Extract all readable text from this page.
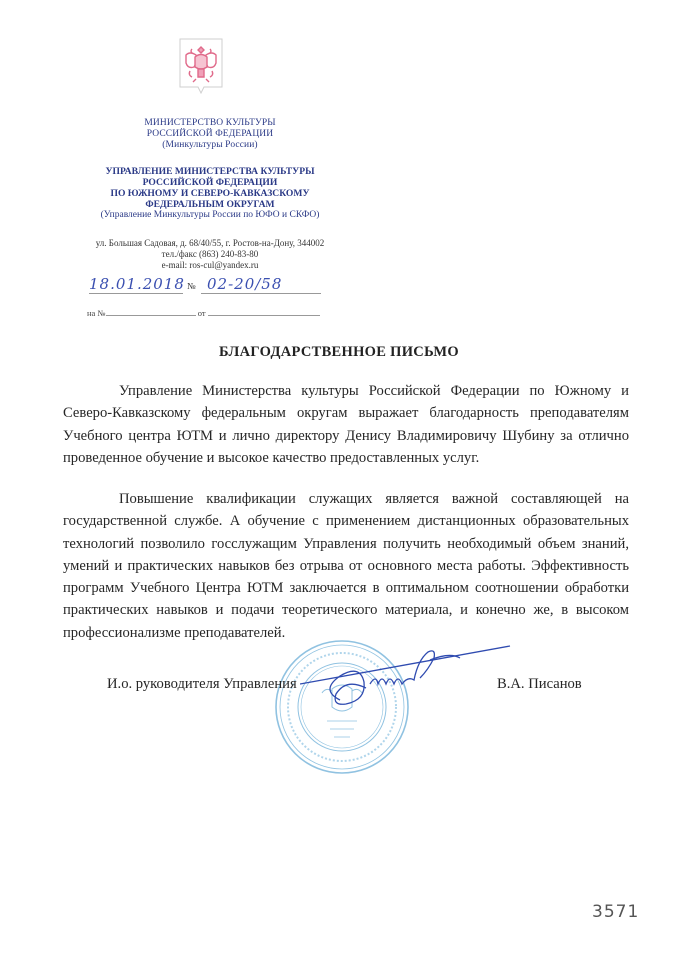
МИНИСТЕРСТВО КУЛЬТУРЫ
РОССИЙСКОЙ ФЕДЕРАЦИИ
(Минкультуры России)
УПРАВЛЕНИЕ МИНИСТЕРСТВА КУЛЬТУРЫ
РОССИЙСКОЙ ФЕДЕРАЦИИ
ПО ЮЖНОМУ И СЕВЕРО-КАВКАЗСКОМУ
ФЕДЕРАЛЬНЫМ ОКРУГАМ
(Управление Минкультуры России по ЮФО и СКФО)
ул. Большая Садовая, д. 68/40/55, г. Ростов-на-Дону, 344002
тел./факс (863) 240-83-80
e-mail: ros-cul@yandex.ru
18.01.2018 № 02-20/58
на №	от
БЛАГОДАРСТВЕННОЕ ПИСЬМО

Управление Министерства культуры Российской Федерации по Южному и Северо-Кавказскому федеральным округам выражает благодарность преподавателям Учебного центра ЮТМ и лично директору Денису Владимировичу Шубину за отлично проведенное обучение и высокое качество предоставленных услуг.

Повышение квалификации служащих является важной составляющей на государственной службе. А обучение с применением дистанционных образовательных технологий позволило госслужащим Управления получить необходимый объем знаний, умений и практических навыков без отрыва от основного места работы. Эффективность программ Учебного Центра ЮТМ заключается в оптимальном соотношении обработки практических навыков и подачи теоретического материала, и конечно же, в высоком профессионализме преподавателей.

И.о. руководителя Управления	В.А. Писанов
3571
